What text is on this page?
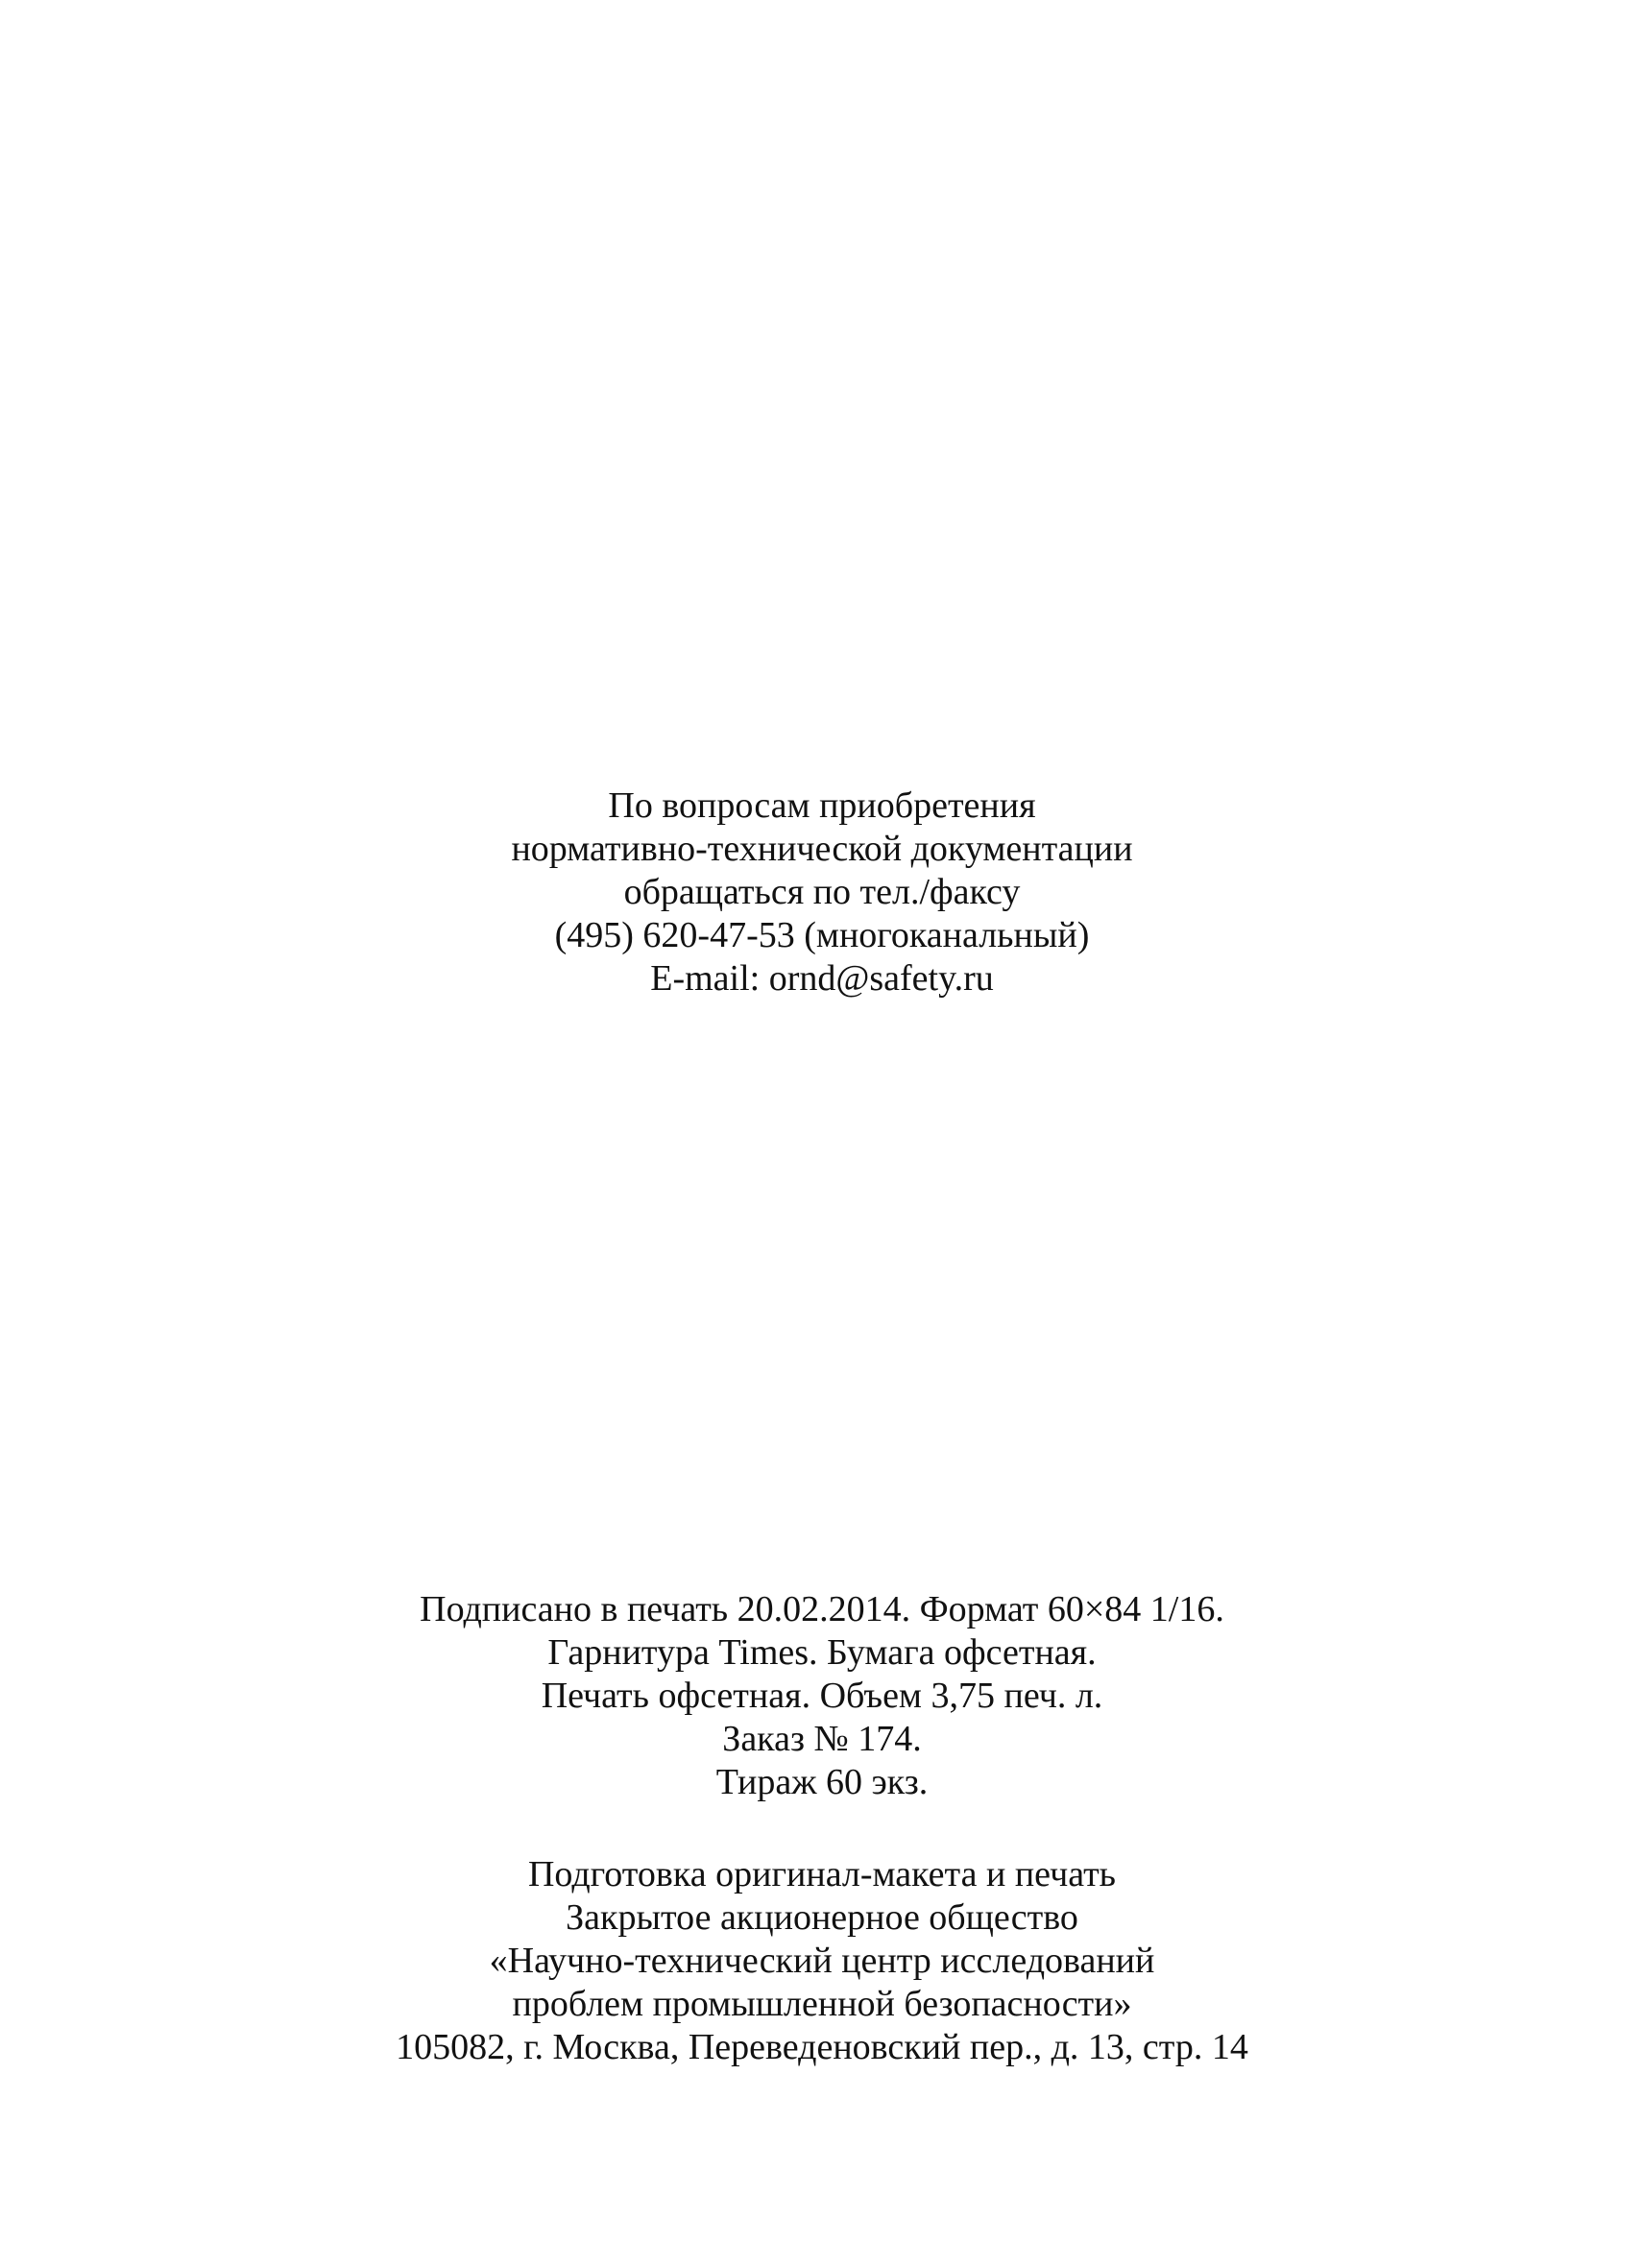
По вопросам приобретения
нормативно-технической документации
обращаться по тел./факсу
(495) 620-47-53 (многоканальный)
E-mail: ornd@safety.ru
Подписано в печать 20.02.2014. Формат 60×84 1/16.
Гарнитура Times. Бумага офсетная.
Печать офсетная. Объем 3,75 печ. л.
Заказ № 174.
Тираж 60 экз.
Подготовка оригинал-макета и печать
Закрытое акционерное общество
«Научно-технический центр исследований
проблем промышленной безопасности»
105082, г. Москва, Переведеновский пер., д. 13, стр. 14
